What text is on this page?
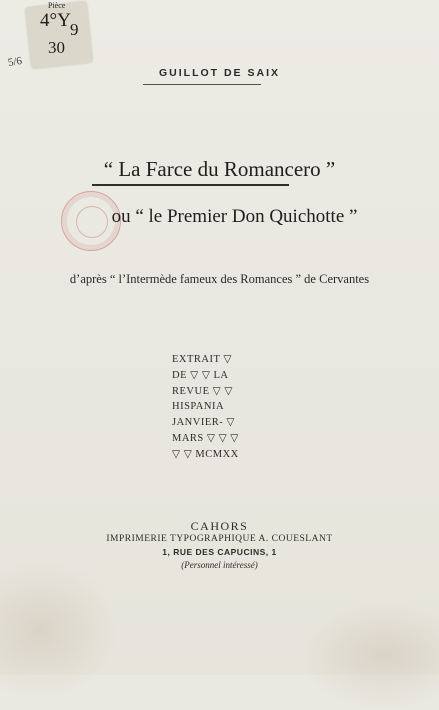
Pièce
4°Y 9
30
5/6
GUILLOT DE SAIX
“ La Farce du Romancero ”
ou “ le Premier Don Quichotte ”
d’après “ l’Intermède fameux des Romances ” de Cervantes
EXTRAIT ▽
DE ▽ ▽ LA
REVUE ▽ ▽
HISPANIA
JANVIER- ▽
MARS ▽ ▽ ▽
▽ ▽ MCMXX
CAHORS
IMPRIMERIE TYPOGRAPHIQUE A. COUESLANT
1, RUE DES CAPUCINS, 1
(Personnel intéressé)
